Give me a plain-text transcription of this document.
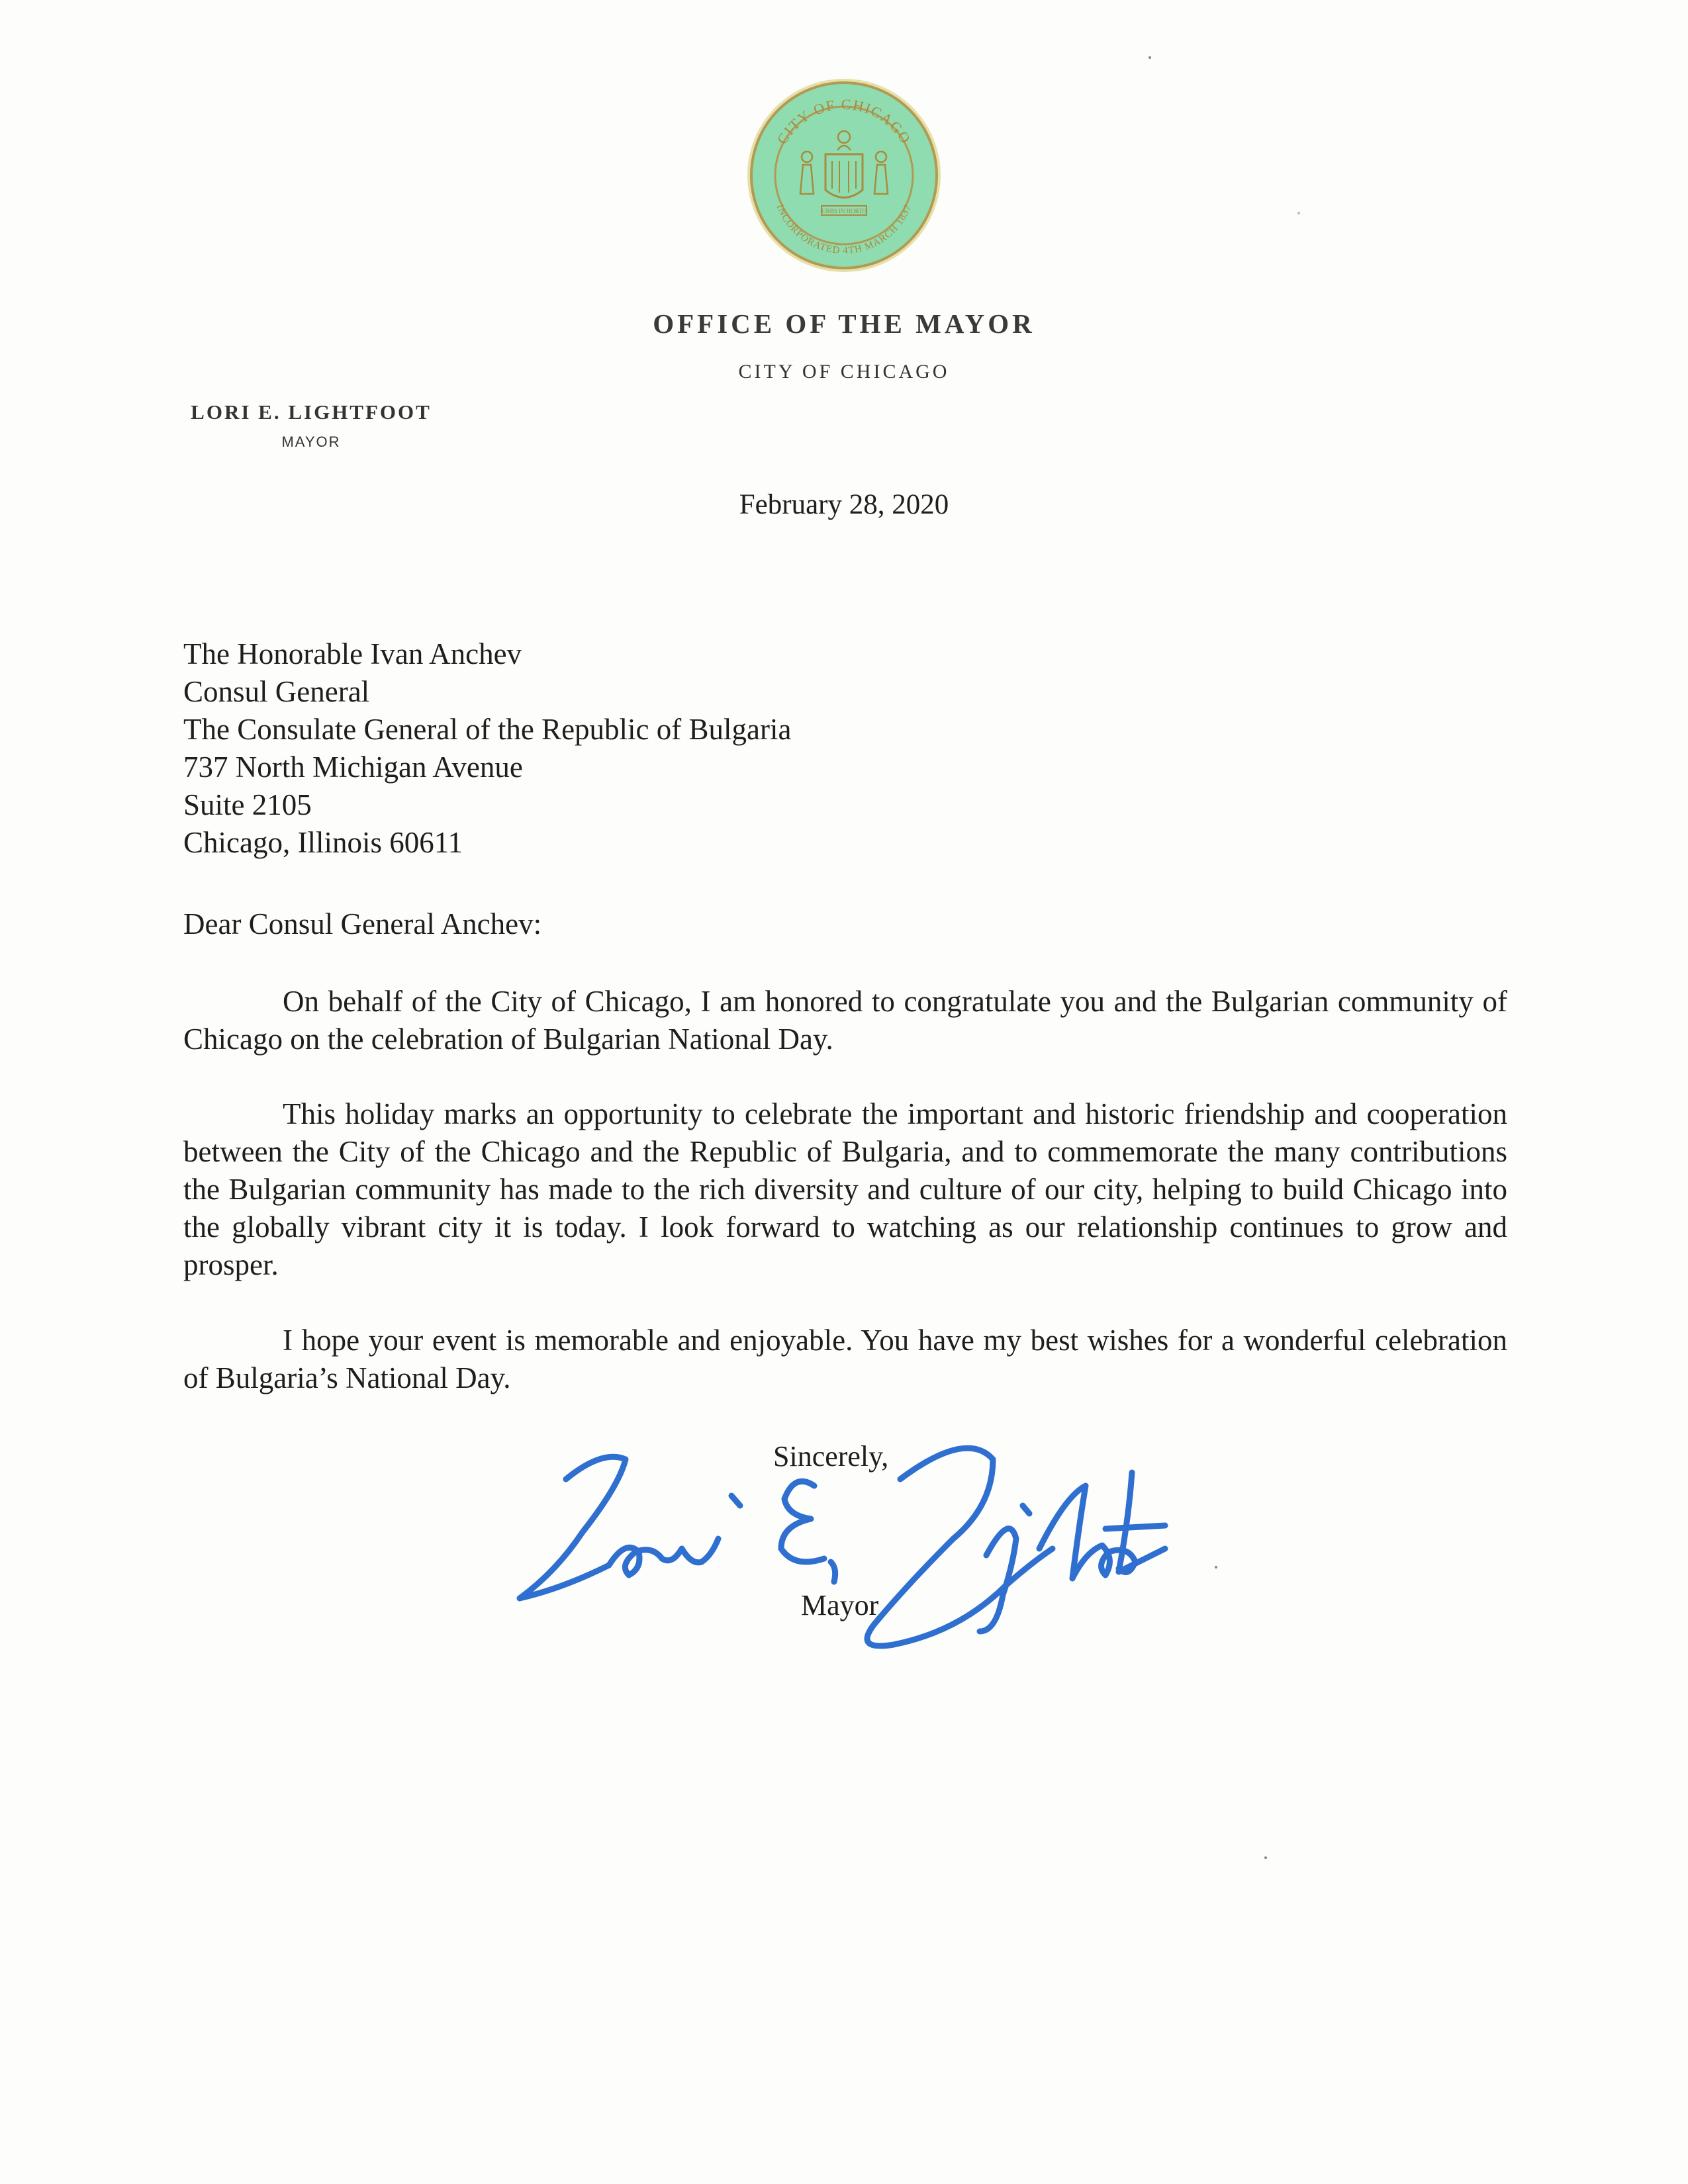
CITY OF CHICAGO
INCORPORATED 4TH MARCH 1837
URBS IN HORTO
OFFICE OF THE MAYOR
CITY OF CHICAGO
LORI E. LIGHTFOOT
MAYOR
February 28, 2020
The Honorable Ivan Anchev
Consul General
The Consulate General of the Republic of Bulgaria
737 North Michigan Avenue
Suite 2105
Chicago, Illinois 60611
Dear Consul General Anchev:
On behalf of the City of Chicago, I am honored to congratulate you and the Bulgarian community of Chicago on the celebration of Bulgarian National Day.
This holiday marks an opportunity to celebrate the important and historic friendship and cooperation between the City of the Chicago and the Republic of Bulgaria, and to commemorate the many contributions the Bulgarian community has made to the rich diversity and culture of our city, helping to build Chicago into the globally vibrant city it is today. I look forward to watching as our relationship continues to grow and prosper.
I hope your event is memorable and enjoyable. You have my best wishes for a wonderful celebration of Bulgaria’s National Day.
Sincerely,
Mayor
